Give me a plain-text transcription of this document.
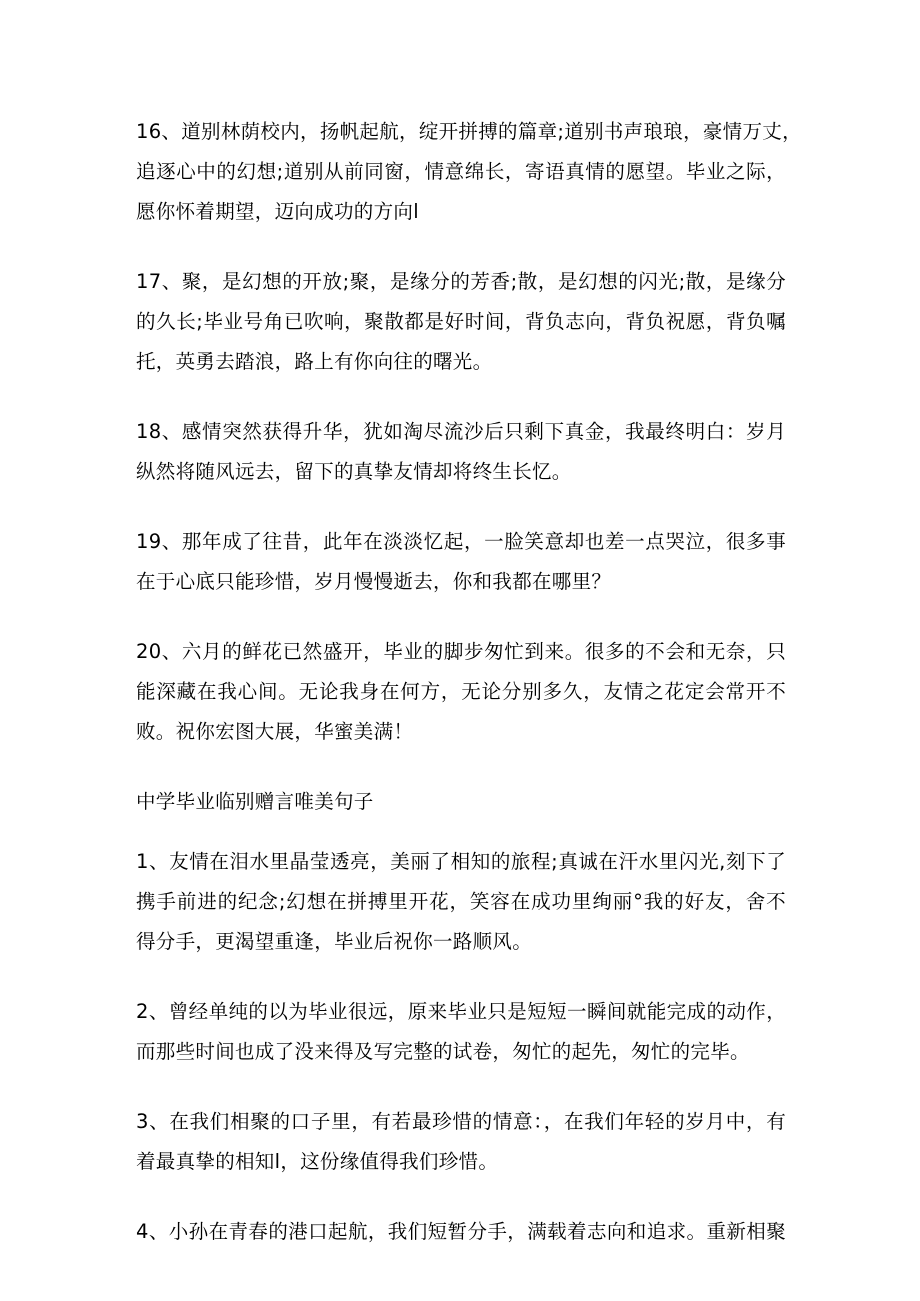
16、道别林荫校内，扬帆起航，绽开拼搏的篇章;道别书声琅琅，豪情万丈，
追逐心中的幻想;道别从前同窗，情意绵长，寄语真情的愿望。毕业之际，
愿你怀着期望，迈向成功的方向l
17、聚，是幻想的开放;聚，是缘分的芳香;散，是幻想的闪光;散，是缘分
的久长;毕业号角已吹响，聚散都是好时间，背负志向，背负祝愿，背负嘱
托，英勇去踏浪，路上有你向往的曙光。
18、感情突然获得升华，犹如淘尽流沙后只剩下真金，我最终明白：岁月
纵然将随风远去，留下的真挚友情却将终生长忆。
19、那年成了往昔，此年在淡淡忆起，一脸笑意却也差一点哭泣，很多事
在于心底只能珍惜，岁月慢慢逝去，你和我都在哪里？
20、六月的鲜花已然盛开，毕业的脚步匆忙到来。很多的不会和无奈，只
能深藏在我心间。无论我身在何方，无论分别多久，友情之花定会常开不
败。祝你宏图大展，华蜜美满！
中学毕业临别赠言唯美句子
1、友情在泪水里晶莹透亮，美丽了相知的旅程;真诚在汗水里闪光,刻下了
携手前进的纪念;幻想在拼搏里开花，笑容在成功里绚丽°我的好友，舍不
得分手，更渴望重逢，毕业后祝你一路顺风。
2、曾经单纯的以为毕业很远，原来毕业只是短短一瞬间就能完成的动作，
而那些时间也成了没来得及写完整的试卷，匆忙的起先，匆忙的完毕。
3、在我们相聚的口子里，有若最珍惜的情意：，在我们年轻的岁月中，有
着最真挚的相知l，这份缘值得我们珍惜。
4、小孙在青春的港口起航，我们短暂分手，满载着志向和追求。重新相聚
